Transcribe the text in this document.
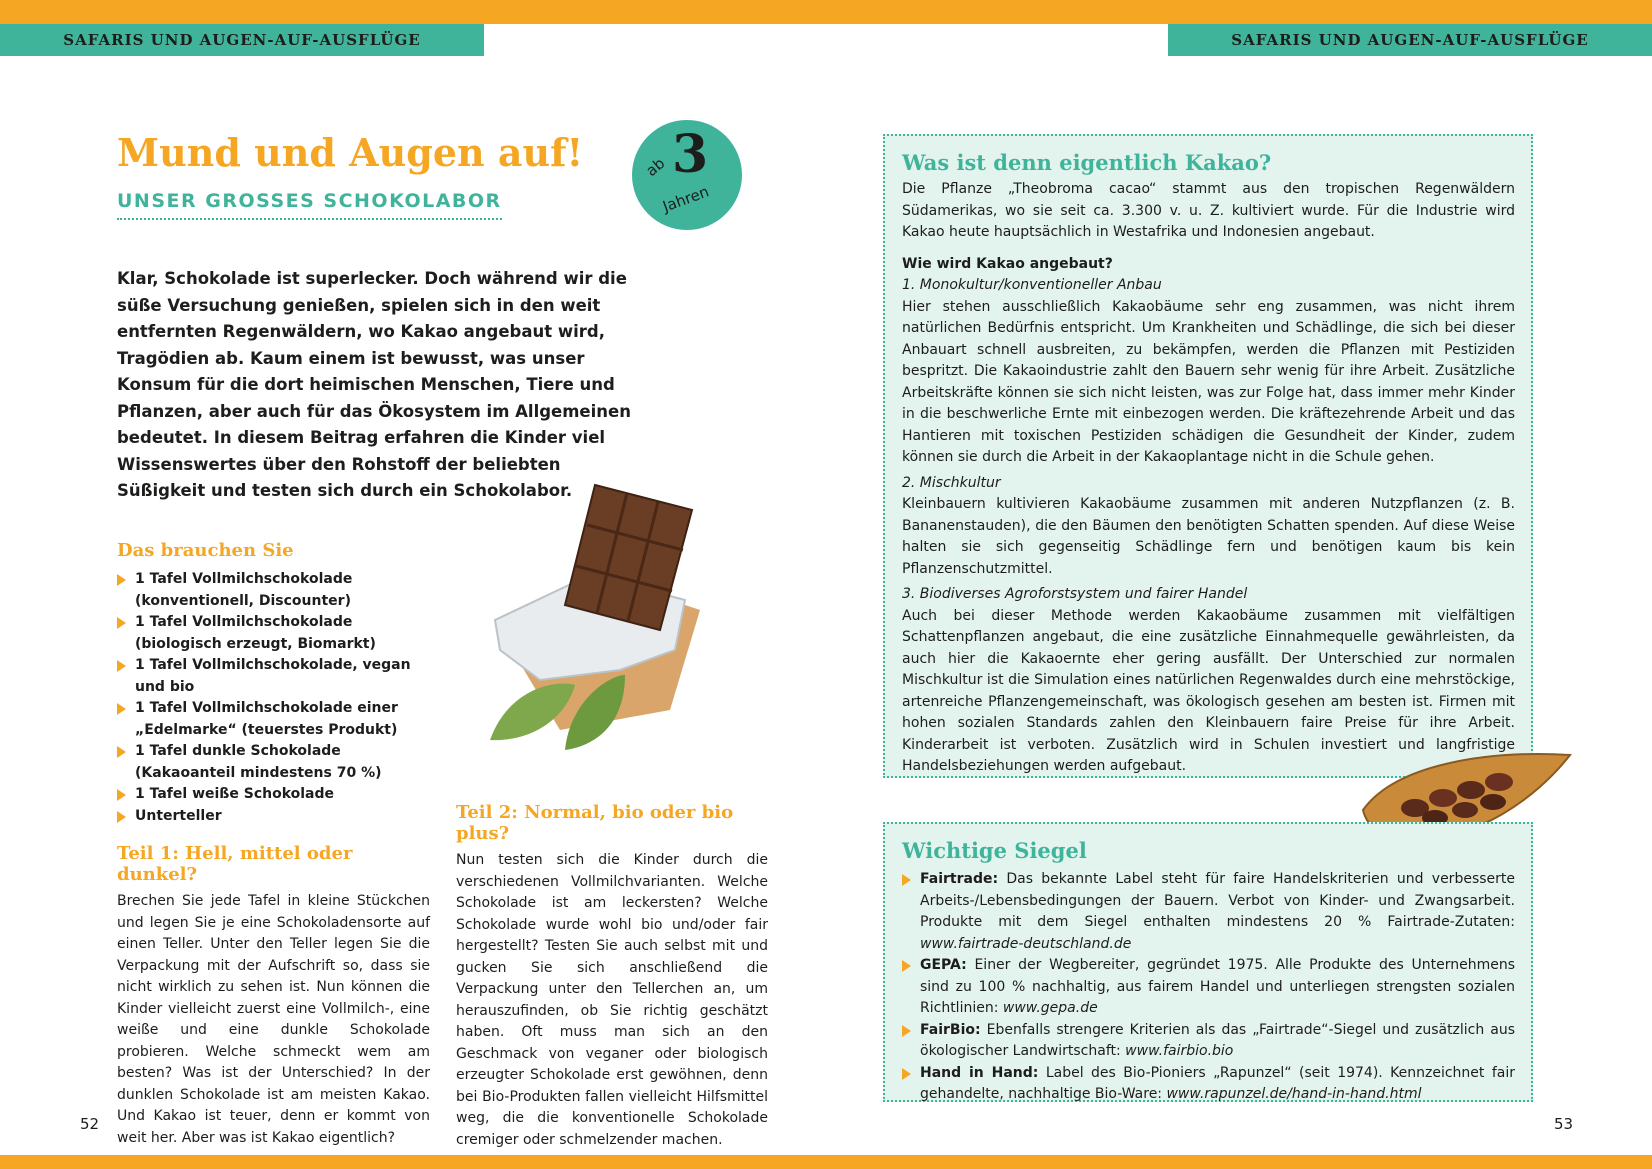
SAFARIS UND AUGEN-AUF-AUSFLÜGE	SAFARIS UND AUGEN-AUF-AUSFLÜGE
Mund und Augen auf!
UNSER GROSSES SCHOKOLABOR
ab 3
Jahren

Klar, Schokolade ist superlecker. Doch während wir die süße Versuchung genießen, spielen sich in den weit entfernten Regenwäldern, wo Kakao angebaut wird, Tragödien ab. Kaum einem ist bewusst, was unser Konsum für die dort heimischen Menschen, Tiere und Pflanzen, aber auch für das Ökosystem im Allgemeinen bedeutet. In diesem Beitrag erfahren die Kinder viel Wissenswertes über den Rohstoff der beliebten Süßigkeit und testen sich durch ein Schokolabor.

Das brauchen Sie
1 Tafel Vollmilchschokolade (konventionell, Discounter)
1 Tafel Vollmilchschokolade (biologisch erzeugt, Biomarkt)
1 Tafel Vollmilchschokolade, vegan und bio
1 Tafel Vollmilchschokolade einer „Edelmarke“ (teuerstes Produkt)
1 Tafel dunkle Schokolade (Kakaoanteil mindestens 70 %)
1 Tafel weiße Schokolade
Unterteller
Teil 1: Hell, mittel oder dunkel?

Brechen Sie jede Tafel in kleine Stückchen und legen Sie je eine Schokoladensorte auf einen Teller. Unter den Teller legen Sie die Verpackung mit der Aufschrift so, dass sie nicht wirklich zu sehen ist. Nun können die Kinder vielleicht zuerst eine Vollmilch-, eine weiße und eine dunkle Schokolade probieren. Welche schmeckt wem am besten? Was ist der Unterschied? In der dunklen Schokolade ist am meisten Kakao. Und Kakao ist teuer, denn er kommt von weit her. Aber was ist Kakao eigentlich?

Teil 2: Normal, bio oder bio plus?

Nun testen sich die Kinder durch die verschiedenen Vollmilchvarianten. Welche Schokolade ist am leckersten? Welche Schokolade wurde wohl bio und/oder fair hergestellt? Testen Sie auch selbst mit und gucken Sie sich anschließend die Verpackung unter den Tellerchen an, um herauszufinden, ob Sie richtig geschätzt haben. Oft muss man sich an den Geschmack von veganer oder biologisch erzeugter Schokolade erst gewöhnen, denn bei Bio-Produkten fallen vielleicht Hilfsmittel weg, die die konventionelle Schokolade cremiger oder schmelzender machen.

52	53
Was ist denn eigentlich Kakao?

Die Pflanze „Theobroma cacao“ stammt aus den tropischen Regenwäldern Südamerikas, wo sie seit ca. 3.300 v. u. Z. kultiviert wurde. Für die Industrie wird Kakao heute hauptsächlich in Westafrika und Indonesien angebaut.

Wie wird Kakao angebaut?

1. Monokultur/konventioneller Anbau

Hier stehen ausschließlich Kakaobäume sehr eng zusammen, was nicht ihrem natürlichen Bedürfnis entspricht. Um Krankheiten und Schädlinge, die sich bei dieser Anbauart schnell ausbreiten, zu bekämpfen, werden die Pflanzen mit Pestiziden bespritzt. Die Kakaoindustrie zahlt den Bauern sehr wenig für ihre Arbeit. Zusätzliche Arbeitskräfte können sie sich nicht leisten, was zur Folge hat, dass immer mehr Kinder in die beschwerliche Ernte mit einbezogen werden. Die kräftezehrende Arbeit und das Hantieren mit toxischen Pestiziden schädigen die Gesundheit der Kinder, zudem können sie durch die Arbeit in der Kakaoplantage nicht in die Schule gehen.

2. Mischkultur

Kleinbauern kultivieren Kakaobäume zusammen mit anderen Nutzpflanzen (z. B. Bananenstauden), die den Bäumen den benötigten Schatten spenden. Auf diese Weise halten sie sich gegenseitig Schädlinge fern und benötigen kaum bis kein Pflanzenschutzmittel.

3. Biodiverses Agroforstsystem und fairer Handel

Auch bei dieser Methode werden Kakaobäume zusammen mit vielfältigen Schattenpflanzen angebaut, die eine zusätzliche Einnahmequelle gewährleisten, da auch hier die Kakaoernte eher gering ausfällt. Der Unterschied zur normalen Mischkultur ist die Simulation eines natürlichen Regenwaldes durch eine mehrstöckige, artenreiche Pflanzengemeinschaft, was ökologisch gesehen am besten ist. Firmen mit hohen sozialen Standards zahlen den Kleinbauern faire Preise für ihre Arbeit. Kinderarbeit ist verboten. Zusätzlich wird in Schulen investiert und langfristige Handelsbeziehungen werden aufgebaut.

Wichtige Siegel
Fairtrade: Das bekannte Label steht für faire Handelskriterien und verbesserte Arbeits-/Lebensbedingungen der Bauern. Verbot von Kinder- und Zwangsarbeit. Produkte mit dem Siegel enthalten mindestens 20 % Fairtrade-Zutaten: www.fairtrade-deutschland.de
GEPA: Einer der Wegbereiter, gegründet 1975. Alle Produkte des Unternehmens sind zu 100 % nachhaltig, aus fairem Handel und unterliegen strengsten sozialen Richtlinien: www.gepa.de
FairBio: Ebenfalls strengere Kriterien als das „Fairtrade“-Siegel und zusätzlich aus ökologischer Landwirtschaft: www.fairbio.bio
Hand in Hand: Label des Bio-Pioniers „Rapunzel“ (seit 1974). Kennzeichnet fair gehandelte, nachhaltige Bio-Ware: www.rapunzel.de/hand-in-hand.html
